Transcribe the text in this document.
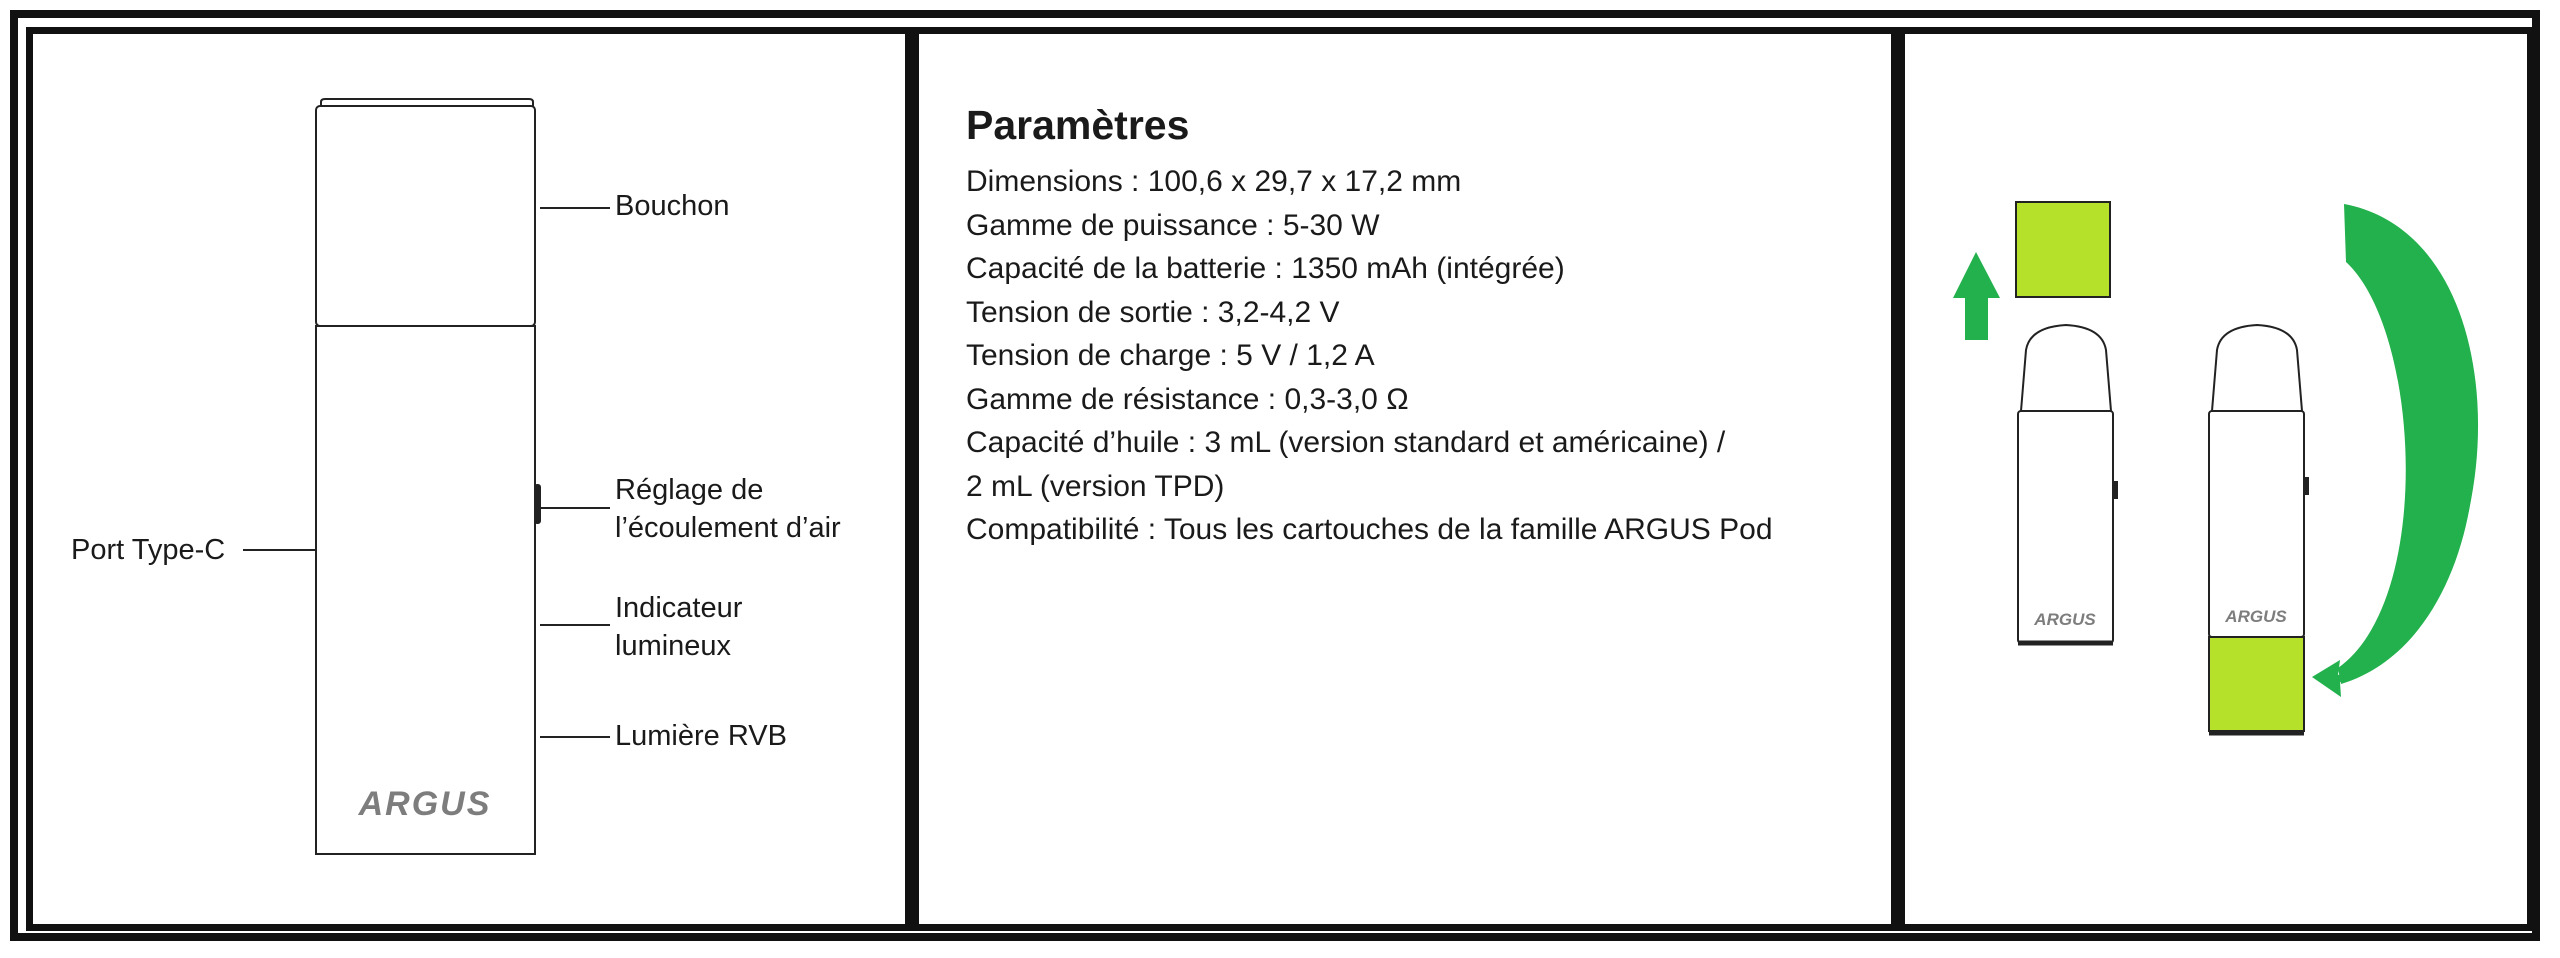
ARGUS
ARGUS	ARGUS
Bouchon
Réglage de
l’écoulement d’air
Indicateur
lumineux
Lumière RVB
Port Type-C
Paramètres
Dimensions : 100,6 x 29,7 x 17,2 mm
Gamme de puissance : 5-30 W
Capacité de la batterie : 1350 mAh (intégrée)
Tension de sortie : 3,2-4,2 V
Tension de charge : 5 V / 1,2 A
Gamme de résistance : 0,3-3,0 Ω
Capacité d’huile : 3 mL (version standard et américaine) /
2 mL (version TPD)
Compatibilité : Tous les cartouches de la famille ARGUS Pod
